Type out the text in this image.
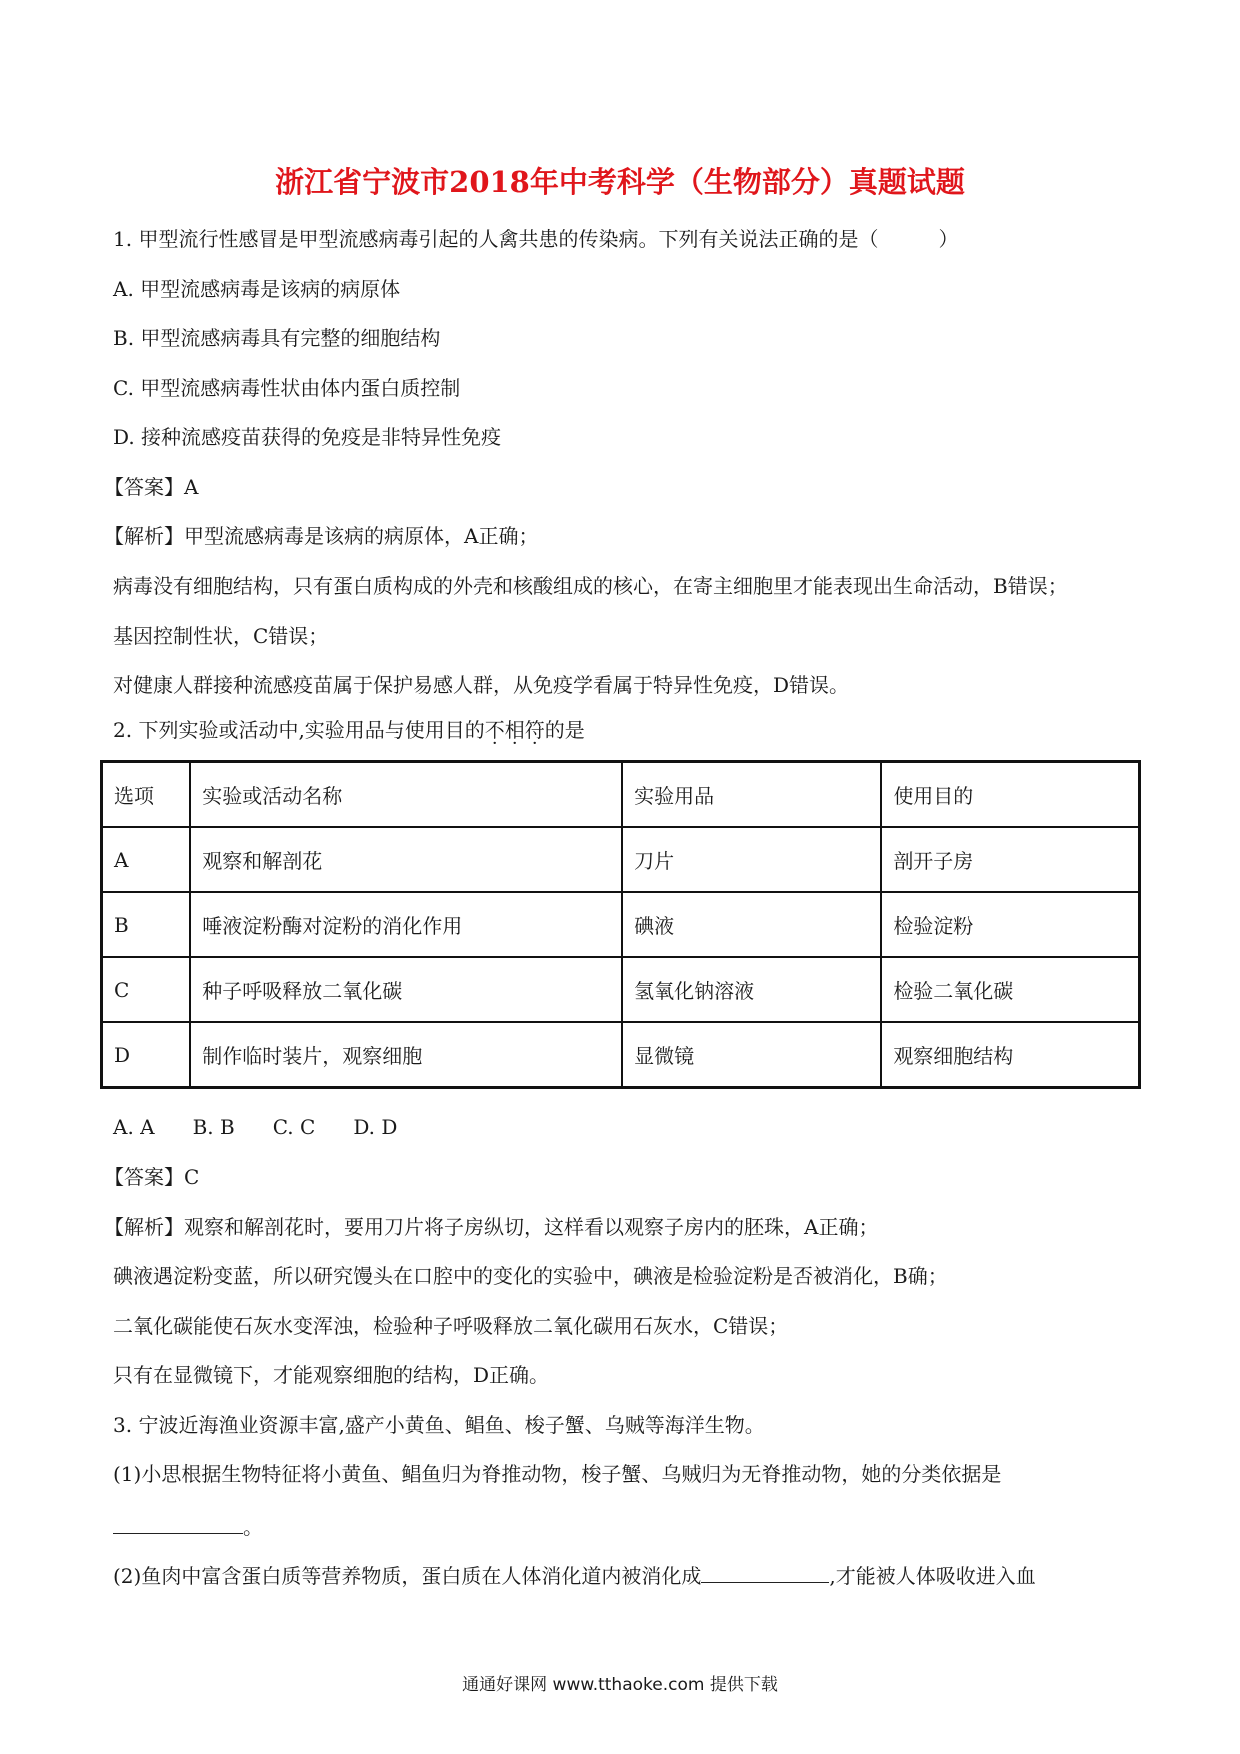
浙江省宁波市2018年中考科学（生物部分）真题试题
1. 甲型流行性感冒是甲型流感病毒引起的人禽共患的传染病。下列有关说法正确的是（　　　）
A. 甲型流感病毒是该病的病原体
B. 甲型流感病毒具有完整的细胞结构
C. 甲型流感病毒性状由体内蛋白质控制
D. 接种流感疫苗获得的免疫是非特异性免疫
【答案】A
【解析】甲型流感病毒是该病的病原体，A正确；
病毒没有细胞结构，只有蛋白质构成的外壳和核酸组成的核心，在寄主细胞里才能表现出生命活动，B错误；
基因控制性状，C错误；
对健康人群接种流感疫苗属于保护易感人群，从免疫学看属于特异性免疫，D错误。
2. 下列实验或活动中,实验用品与使用目的不相符的是
选项	实验或活动名称	实验用品	使用目的
A	观察和解剖花	刀片	剖开子房
B	唾液淀粉酶对淀粉的消化作用	碘液	检验淀粉
C	种子呼吸释放二氧化碳	氢氧化钠溶液	检验二氧化碳
D	制作临时装片，观察细胞	显微镜	观察细胞结构
A. A B. B C. C D. D
【答案】C
【解析】观察和解剖花时，要用刀片将子房纵切，这样看以观察子房内的胚珠，A正确；
碘液遇淀粉变蓝，所以研究馒头在口腔中的变化的实验中，碘液是检验淀粉是否被消化，B确；
二氧化碳能使石灰水变浑浊，检验种子呼吸释放二氧化碳用石灰水，C错误；
只有在显微镜下，才能观察细胞的结构，D正确。
3. 宁波近海渔业资源丰富,盛产小黄鱼、鲳鱼、梭子蟹、乌贼等海洋生物。
(1)小思根据生物特征将小黄鱼、鲳鱼归为脊推动物，梭子蟹、乌贼归为无脊推动物，她的分类依据是
。
(2)鱼肉中富含蛋白质等营养物质，蛋白质在人体消化道内被消化成	,才能被人体吸收进入血
通通好课网 www.tthaoke.com 提供下载
